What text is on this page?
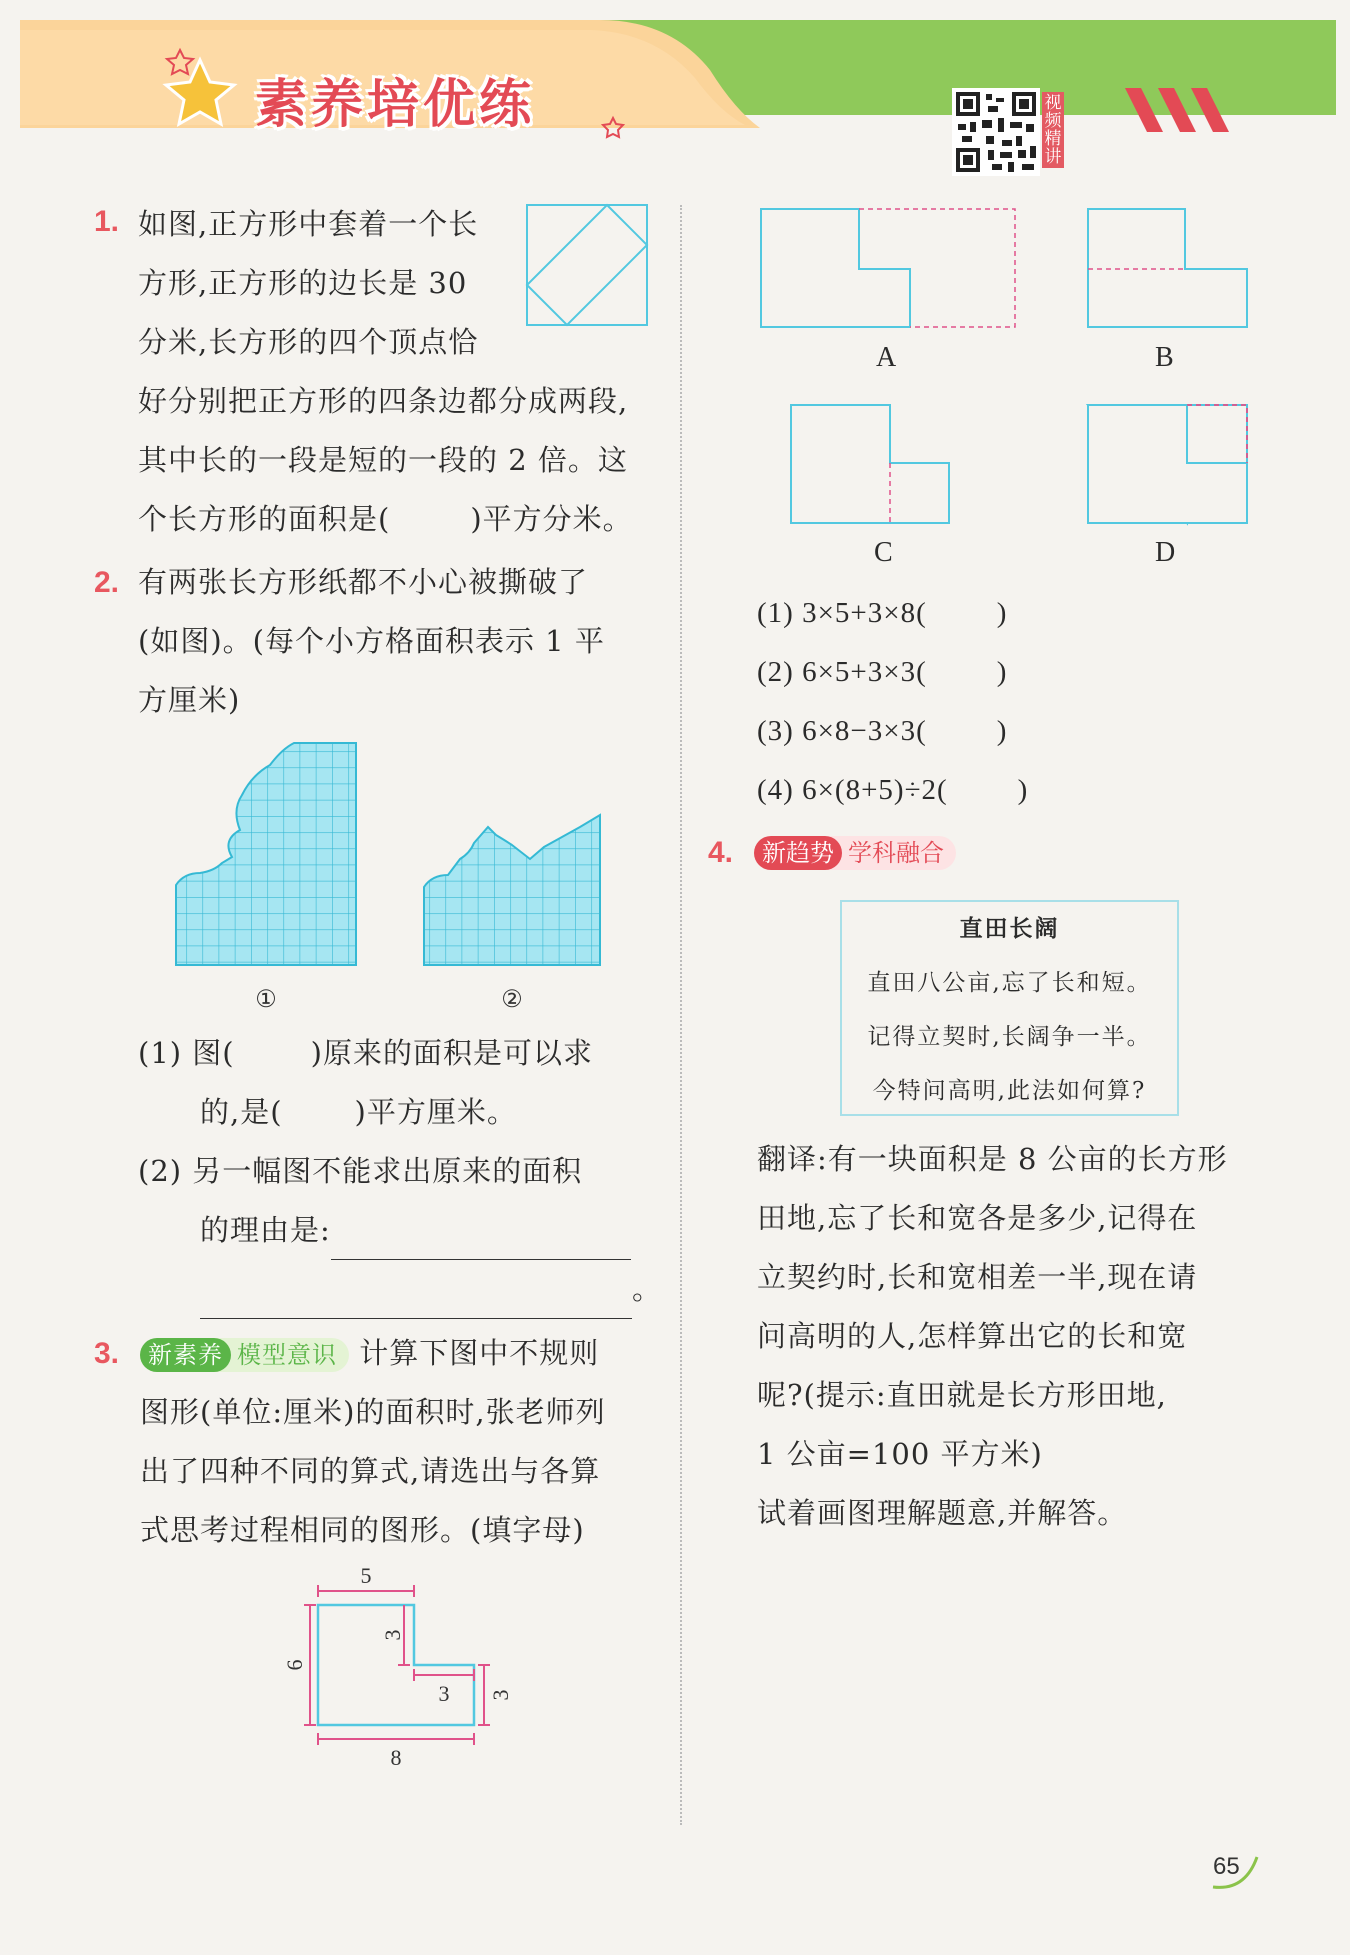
素养培优练	视
频
精
讲
1. 如图,正方形中套着一个长
方形,正方形的边长是 30
分米,长方形的四个顶点恰
好分别把正方形的四条边都分成两段,
其中长的一段是短的一段的 2 倍。这
个长方形的面积是(	)平方分米。
2. 有两张长方形纸都不小心被撕破了
(如图)。(每个小方格面积表示 1 平
方厘米)
①	②
(1) 图(	)原来的面积是可以求
的,是( )平方厘米。
(2) 另一幅图不能求出原来的面积
的理由是:
。
3.	新素养 模型意识 计算下图中不规则
图形(单位:厘米)的面积时,张老师列
出了四种不同的算式,请选出与各算
式思考过程相同的图形。(填字母)
5
6
3
3 3
8
A	B
C	D
(1) 3×5+3×8( )
(2) 6×5+3×3( )
(3) 6×8−3×3( )
(4) 6×(8+5)÷2( )
4.	新趋势 学科融合
直田长阔
直田八公亩,忘了长和短。
记得立契时,长阔争一半。
今特问高明,此法如何算?
翻译:有一块面积是 8 公亩的长方形
田地,忘了长和宽各是多少,记得在
立契约时,长和宽相差一半,现在请
问高明的人,怎样算出它的长和宽
呢?(提示:直田就是长方形田地,
1 公亩=100 平方米)
试着画图理解题意,并解答。
65
